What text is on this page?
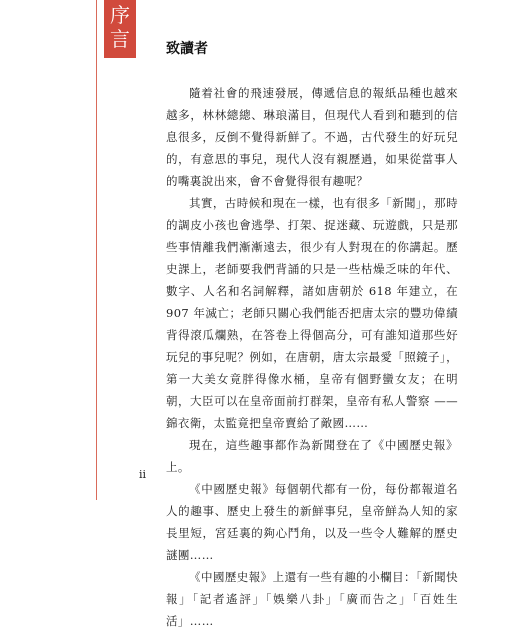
序
言	致讀者

隨着社會的飛速發展，傳遞信息的報紙品種也越來越多，林林總總、琳琅滿目，但現代人看到和聽到的信息很多，反倒不覺得新鮮了。不過，古代發生的好玩兒的，有意思的事兒，現代人沒有親歷過，如果從當事人的嘴裏說出來，會不會覺得很有趣呢？

其實，古時候和現在一樣，也有很多「新聞」，那時的調皮小孩也會逃學、打架、捉迷藏、玩遊戲，只是那些事情離我們漸漸遠去，很少有人對現在的你講起。歷史課上，老師要我們背誦的只是一些枯燥乏味的年代、數字、人名和名詞解釋，諸如唐朝於 618 年建立，在 907 年滅亡；老師只關心我們能否把唐太宗的豐功偉績背得滾瓜爛熟，在答卷上得個高分，可有誰知道那些好玩兒的事兒呢？例如，在唐朝，唐太宗最愛「照鏡子」，第一大美女竟胖得像水桶，皇帝有個野蠻女友；在明朝，大臣可以在皇帝面前打群架，皇帝有私人警察 —— 錦衣衛，太監竟把皇帝賣給了敵國……

現在，這些趣事都作為新聞登在了《中國歷史報》上。

《中國歷史報》每個朝代都有一份，每份都報道名人的趣事、歷史上發生的新鮮事兒，皇帝鮮為人知的家長里短，宮廷裏的夠心鬥角，以及一些令人難解的歷史謎團……

《中國歷史報》上還有一些有趣的小欄目：「新聞快報」「記者遙評」「娛樂八卦」「廣而告之」「百姓生活」……

ii
